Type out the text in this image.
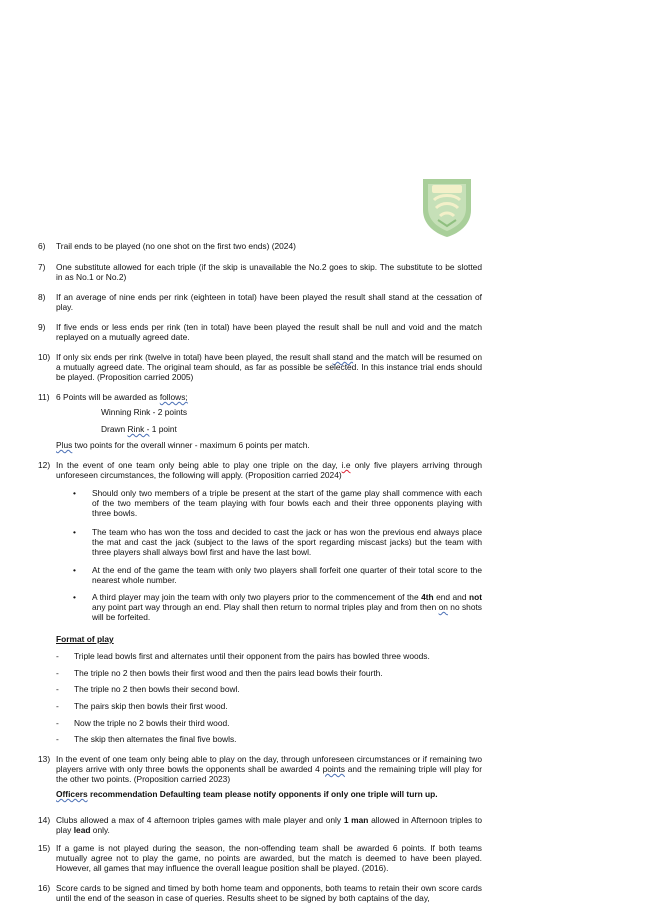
6)	Trail ends to be played (no one shot on the first two ends) (2024)
7)	One substitute allowed for each triple (if the skip is unavailable the No.2 goes to skip. The substitute to be slotted in as No.1 or No.2)
8)	If an average of nine ends per rink (eighteen in total) have been played the result shall stand at the cessation of play.
9)	If five ends or less ends per rink (ten in total) have been played the result shall be null and void and the match replayed on a mutually agreed date.
10) If only six ends per rink (twelve in total) have been played, the result shall stand and the match will be resumed on a mutually agreed date. The original team should, as far as possible be selected. In this instance trial ends should be played. (Proposition carried 2005)
11) 6 Points will be awarded as follows;
Winning Rink - 2 points
Drawn Rink - 1 point
Plus two points for the overall winner - maximum 6 points per match.
12) In the event of one team only being able to play one triple on the day, i.e only five players arriving through unforeseen circumstances, the following will apply. (Proposition carried 2024)
•	Should only two members of a triple be present at the start of the game play shall commence with each of the two members of the team playing with four bowls each and their three opponents playing with three bowls.
•	The team who has won the toss and decided to cast the jack or has won the previous end always place the mat and cast the jack (subject to the laws of the sport regarding miscast jacks) but the team with three players shall always bowl first and have the last bowl.
•	At the end of the game the team with only two players shall forfeit one quarter of their total score to the nearest whole number.
•	A third player may join the team with only two players prior to the commencement of the 4th end and not any point part way through an end. Play shall then return to normal triples play and from then on no shots will be forfeited.
Format of play
-	Triple lead bowls first and alternates until their opponent from the pairs has bowled three woods.
-	The triple no 2 then bowls their first wood and then the pairs lead bowls their fourth.
-	The triple no 2 then bowls their second bowl.
-	The pairs skip then bowls their first wood.
-	Now the triple no 2 bowls their third wood.
-	The skip then alternates the final five bowls.
13) In the event of one team only being able to play on the day, through unforeseen circumstances or if remaining two players arrive with only three bowls the opponents shall be awarded 4 points and the remaining triple will play for the other two points. (Proposition carried 2023)
Officers recommendation Defaulting team please notify opponents if only one triple will turn up.
14) Clubs allowed a max of 4 afternoon triples games with male player and only 1 man allowed in Afternoon triples to play lead only.
15) If a game is not played during the season, the non-offending team shall be awarded 6 points. If both teams mutually agree not to play the game, no points are awarded, but the match is deemed to have been played. However, all games that may influence the overall league position shall be played. (2016).
16) Score cards to be signed and timed by both home team and opponents, both teams to retain their own score cards until the end of the season in case of queries. Results sheet to be signed by both captains of the day,
